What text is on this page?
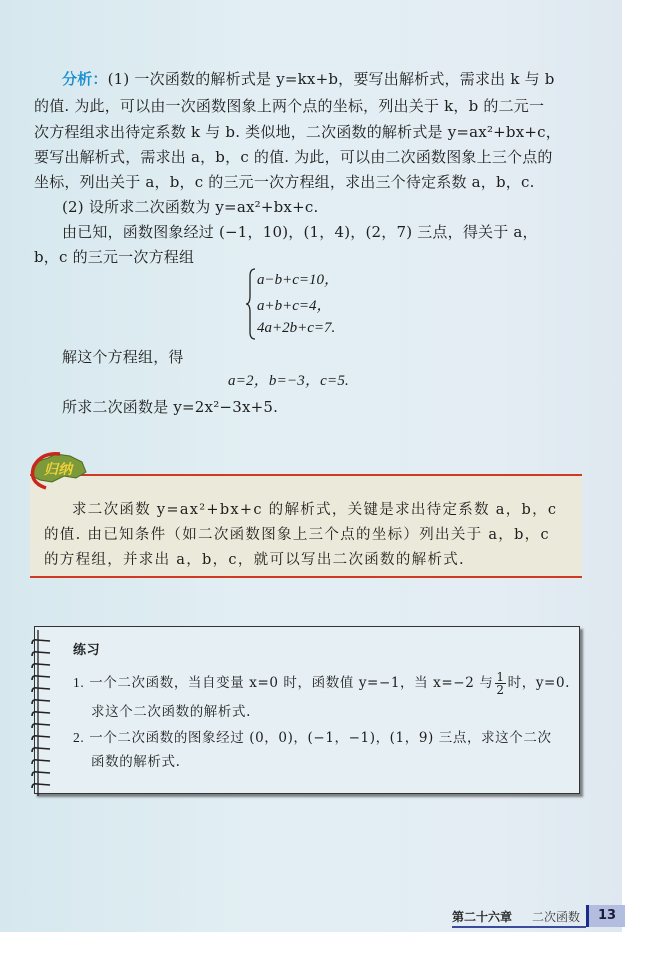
分析：(1) 一次函数的解析式是 y=kx+b，要写出解析式，需求出 k 与 b
的值. 为此，可以由一次函数图象上两个点的坐标，列出关于 k，b 的二元一
次方程组求出待定系数 k 与 b. 类似地，二次函数的解析式是 y=ax²+bx+c，
要写出解析式，需求出 a，b，c 的值. 为此，可以由二次函数图象上三个点的
坐标，列出关于 a，b，c 的三元一次方程组，求出三个待定系数 a，b，c.
(2) 设所求二次函数为 y=ax²+bx+c.
由已知，函数图象经过 (−1，10)，(1，4)，(2，7) 三点，得关于 a，
b，c 的三元一次方程组
a−b+c=10，
a+b+c=4，
4a+2b+c=7.
解这个方程组，得
a=2，b=−3，c=5.
所求二次函数是 y=2x²−3x+5.
求二次函数 y=ax²+bx+c 的解析式，关键是求出待定系数 a，b，c
的值. 由已知条件（如二次函数图象上三个点的坐标）列出关于 a，b，c
的方程组，并求出 a，b，c，就可以写出二次函数的解析式.
归纳
练习
1. 一个二次函数，当自变量 x=0 时，函数值 y=−1，当 x=−2 与 $\frac{1}{2}$ 时，y=0.
求这个二次函数的解析式.
2. 一个二次函数的图象经过 (0，0)，(−1，−1)，(1，9) 三点，求这个二次
函数的解析式.
第二十六章 二次函数	13
